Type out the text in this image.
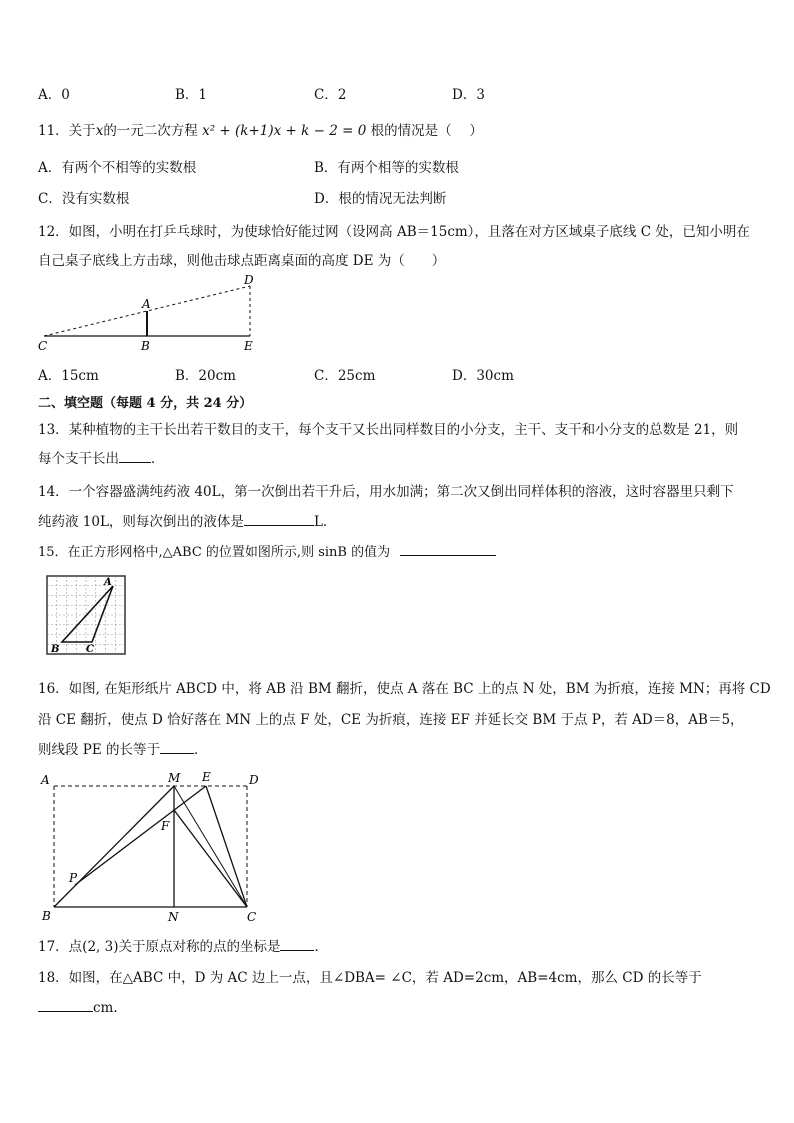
A．0	B．1	C．2	D．3
11．关于x的一元二次方程 x² + (k+1)x + k − 2 = 0 根的情况是（　 ）
A．有两个不相等的实数根	B．有两个相等的实数根
C．没有实数根	D．根的情况无法判断
12．如图，小明在打乒乓球时，为使球恰好能过网（设网高 AB＝15cm），且落在对方区域桌子底线 C 处，已知小明在
自己桌子底线上方击球，则他击球点距离桌面的高度 DE 为（　　）
A
D
C	B	E
A．15cm	B．20cm	C．25cm	D．30cm
二、填空题（每题 4 分，共 24 分）
13．某种植物的主干长出若干数目的支干，每个支干又长出同样数目的小分支，主干、支干和小分支的总数是 21，则
每个支干长出 ．
14．一个容器盛满纯药液 40L，第一次倒出若干升后，用水加满；第二次又倒出同样体积的溶液，这时容器里只剩下
纯药液 10L，则每次倒出的液体是	L．
15．在正方形网格中,△ABC 的位置如图所示,则 sinB 的值为
A
B	C
16．如图, 在矩形纸片 ABCD 中，将 AB 沿 BM 翻折，使点 A 落在 BC 上的点 N 处，BM 为折痕，连接 MN；再将 CD
沿 CE 翻折，使点 D 恰好落在 MN 上的点 F 处，CE 为折痕，连接 EF 并延长交 BM 于点 P，若 AD＝8，AB＝5，
则线段 PE 的长等于	．
A	M E	D
F
P
B	N	C
17．点(2, 3)关于原点对称的点的坐标是	．
18．如图，在△ABC 中，D 为 AC 边上一点，且∠DBA= ∠C，若 AD=2cm，AB=4cm，那么 CD 的长等于
cm.
